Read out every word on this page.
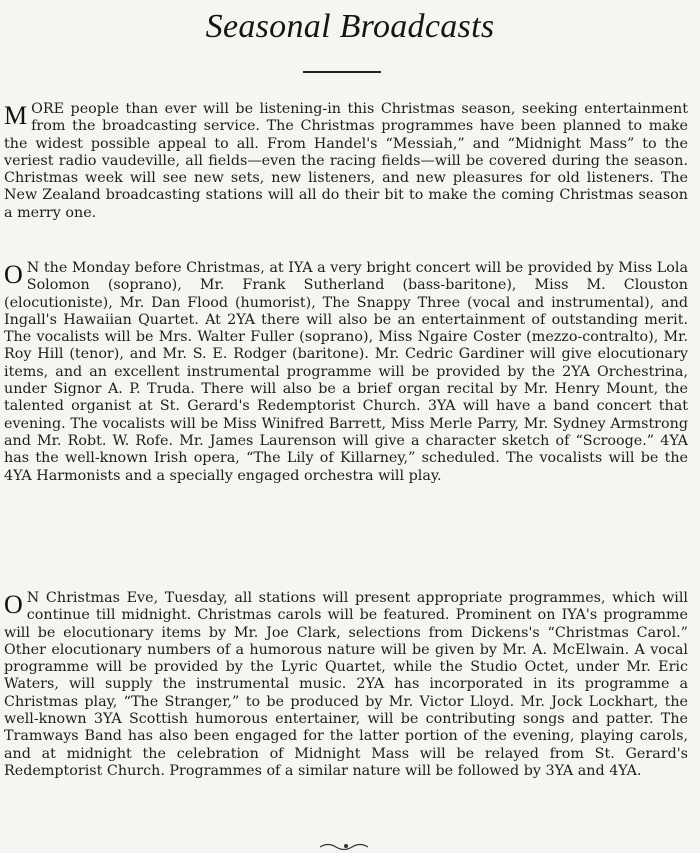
Seasonal Broadcasts

MORE people than ever will be listening-in this Christmas season, seeking entertainment from the broadcasting service. The Christmas programmes have been planned to make the widest possible appeal to all. From Handel's “Messiah,” and “Midnight Mass” to the veriest radio vaudeville, all fields—even the racing fields—will be covered during the season. Christmas week will see new sets, new listeners, and new pleasures for old listeners. The New Zealand broadcasting stations will all do their bit to make the coming Christmas season a merry one.

O N the Monday before Christmas, at IYA a very bright concert will be provided by Miss Lola Solomon (soprano), Mr. Frank Sutherland (bass-baritone), Miss M. Clouston (elocutioniste), Mr. Dan Flood (humorist), The Snappy Three (vocal and instrumental), and Ingall's Hawaiian Quartet. At 2YA there will also be an entertainment of outstanding merit. The vocalists will be Mrs. Walter Fuller (soprano), Miss Ngaire Coster (mezzo-contralto), Mr. Roy Hill (tenor), and Mr. S. E. Rodger (baritone). Mr. Cedric Gardiner will give elocutionary items, and an excellent instrumental programme will be provided by the 2YA Orchestrina, under Signor A. P. Truda. There will also be a brief organ recital by Mr. Henry Mount, the talented organist at St. Gerard's Redemptorist Church. 3YA will have a band concert that evening. The vocalists will be Miss Winifred Barrett, Miss Merle Parry, Mr. Sydney Armstrong and Mr. Robt. W. Rofe. Mr. James Laurenson will give a character sketch of “Scrooge.” 4YA has the well-known Irish opera, “The Lily of Killarney,” scheduled. The vocalists will be the 4YA Harmonists and a specially engaged orchestra will play.

O N Christmas Eve, Tuesday, all stations will present appropriate programmes, which will continue till midnight. Christmas carols will be featured. Prominent on IYA's programme will be elocutionary items by Mr. Joe Clark, selections from Dickens's “Christmas Carol.” Other elocutionary numbers of a humorous nature will be given by Mr. A. McElwain. A vocal programme will be provided by the Lyric Quartet, while the Studio Octet, under Mr. Eric Waters, will supply the instrumental music. 2YA has incorporated in its programme a Christmas play, “The Stranger,” to be produced by Mr. Victor Lloyd. Mr. Jock Lockhart, the well-known 3YA Scottish humorous entertainer, will be contributing songs and patter. The Tramways Band has also been engaged for the latter portion of the evening, playing carols, and at midnight the celebration of Midnight Mass will be relayed from St. Gerard's Redemptorist Church. Programmes of a similar nature will be followed by 3YA and 4YA.
